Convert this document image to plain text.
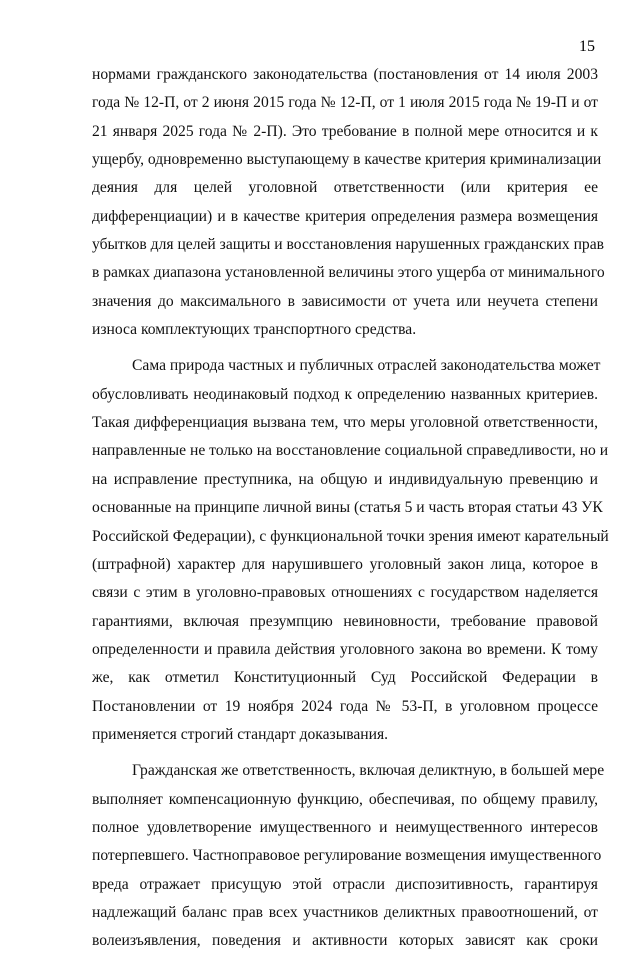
15
нормами гражданского законодательства (постановления от 14 июля 2003
года № 12-П, от 2 июня 2015 года № 12-П, от 1 июля 2015 года № 19-П и от
21 января 2025 года № 2-П). Это требование в полной мере относится и к
ущербу, одновременно выступающему в качестве критерия криминализации
деяния для целей уголовной ответственности (или критерия ее
дифференциации) и в качестве критерия определения размера возмещения
убытков для целей защиты и восстановления нарушенных гражданских прав
в рамках диапазона установленной величины этого ущерба от минимального
значения до максимального в зависимости от учета или неучета степени
износа комплектующих транспортного средства.
Сама природа частных и публичных отраслей законодательства может
обусловливать неодинаковый подход к определению названных критериев.
Такая дифференциация вызвана тем, что меры уголовной ответственности,
направленные не только на восстановление социальной справедливости, но и
на исправление преступника, на общую и индивидуальную превенцию и
основанные на принципе личной вины (статья 5 и часть вторая статьи 43 УК
Российской Федерации), с функциональной точки зрения имеют карательный
(штрафной) характер для нарушившего уголовный закон лица, которое в
связи с этим в уголовно-правовых отношениях с государством наделяется
гарантиями, включая презумпцию невиновности, требование правовой
определенности и правила действия уголовного закона во времени. К тому
же, как отметил Конституционный Суд Российской Федерации в
Постановлении от 19 ноября 2024 года № 53-П, в уголовном процессе
применяется строгий стандарт доказывания.
Гражданская же ответственность, включая деликтную, в большей мере
выполняет компенсационную функцию, обеспечивая, по общему правилу,
полное удовлетворение имущественного и неимущественного интересов
потерпевшего. Частноправовое регулирование возмещения имущественного
вреда отражает присущую этой отрасли диспозитивность, гарантируя
надлежащий баланс прав всех участников деликтных правоотношений, от
волеизъявления, поведения и активности которых зависят как сроки
